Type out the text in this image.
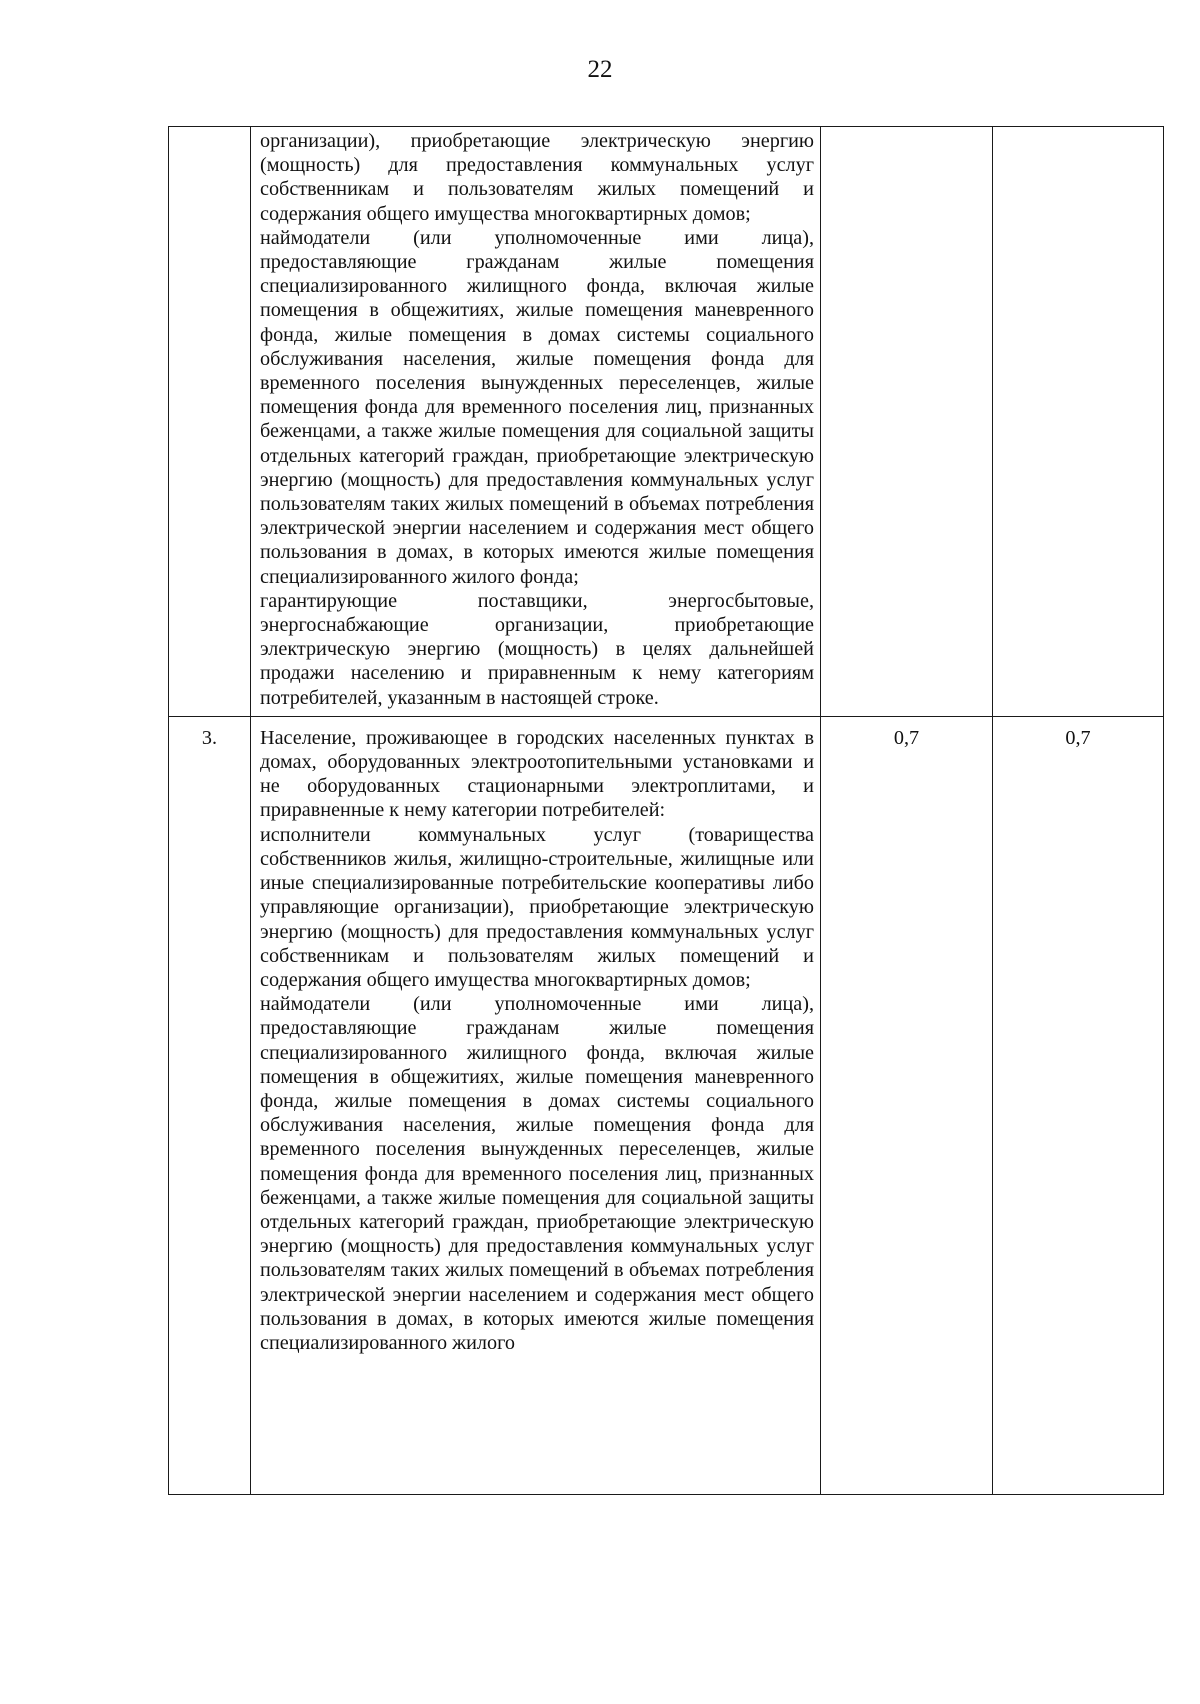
22

	организации), приобретающие электрическую энергию (мощность) для предоставления коммунальных услуг собственникам и пользователям жилых помещений и содержания общего имущества многоквартирных домов;

наймодатели (или уполномоченные ими лица), предоставляющие гражданам жилые помещения специализированного жилищного фонда, включая жилые помещения в общежитиях, жилые помещения маневренного фонда, жилые помещения в домах системы социального обслуживания населения, жилые помещения фонда для временного поселения вынужденных переселенцев, жилые помещения фонда для временного поселения лиц, признанных беженцами, а также жилые помещения для социальной защиты отдельных категорий граждан, приобретающие электрическую энергию (мощность) для предоставления коммунальных услуг пользователям таких жилых помещений в объемах потребления электрической энергии населением и содержания мест общего пользования в домах, в которых имеются жилые помещения специализированного жилого фонда;

гарантирующие поставщики, энергосбытовые, энергоснабжающие организации, приобретающие электрическую энергию (мощность) в целях дальнейшей продажи населению и приравненным к нему категориям потребителей, указанным в настоящей строке.		

3.	Население, проживающее в городских населенных пунктах в домах, оборудованных электроотопительными установками и не оборудованных стационарными электроплитами, и приравненные к нему категории потребителей:

исполнители коммунальных услуг (товарищества собственников жилья, жилищно-строительные, жилищные или иные специализированные потребительские кооперативы либо управляющие организации), приобретающие электрическую энергию (мощность) для предоставления коммунальных услуг собственникам и пользователям жилых помещений и содержания общего имущества многоквартирных домов;

наймодатели (или уполномоченные ими лица), предоставляющие гражданам жилые помещения специализированного жилищного фонда, включая жилые помещения в общежитиях, жилые помещения маневренного фонда, жилые помещения в домах системы социального обслуживания населения, жилые помещения фонда для временного поселения вынужденных переселенцев, жилые помещения фонда для временного поселения лиц, признанных беженцами, а также жилые помещения для социальной защиты отдельных категорий граждан, приобретающие электрическую энергию (мощность) для предоставления коммунальных услуг пользователям таких жилых помещений в объемах потребления электрической энергии населением и содержания мест общего пользования в домах, в которых имеются жилые помещения специализированного жилого	0,7	0,7
